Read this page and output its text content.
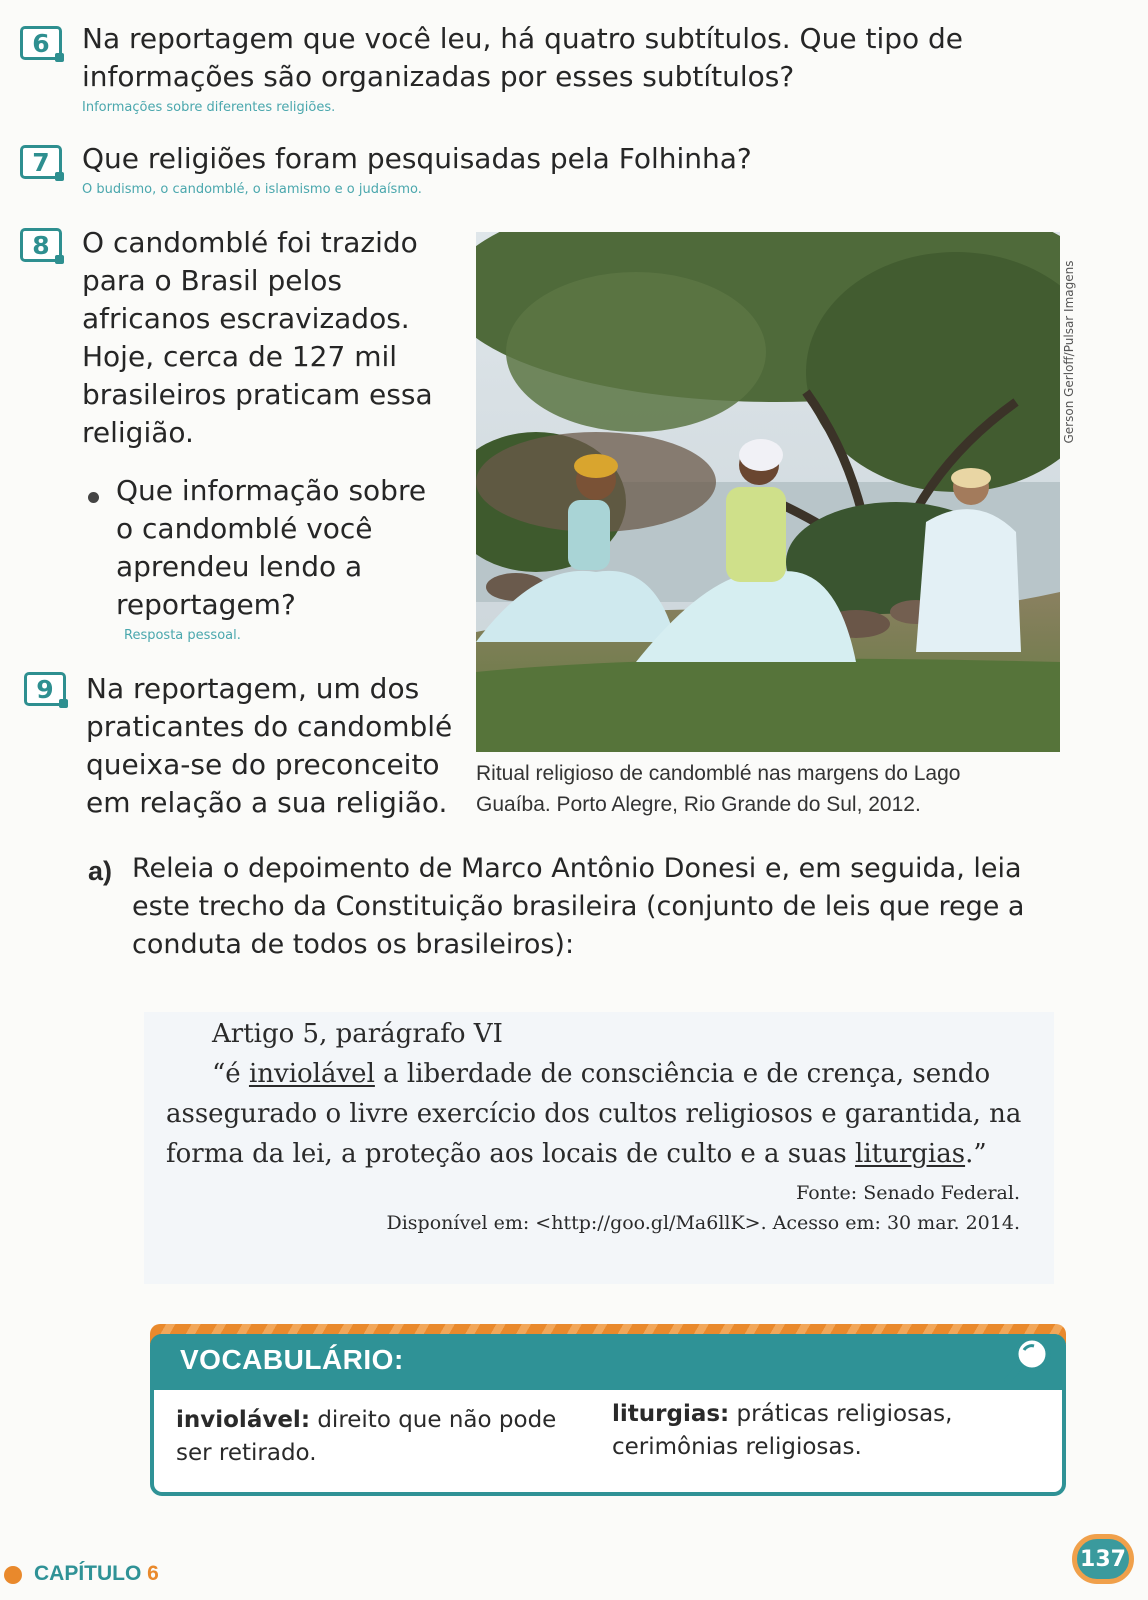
6	Na reportagem que você leu, há quatro subtítulos. Que tipo de
informações são organizadas por esses subtítulos?
Informações sobre diferentes religiões.
7	Que religiões foram pesquisadas pela Folhinha?
O budismo, o candomblé, o islamismo e o judaísmo.
8	O candomblé foi trazido
para o Brasil pelos
africanos escravizados.
Hoje, cerca de 127 mil
brasileiros praticam essa
religião.
Que informação sobre
o candomblé você
aprendeu lendo a
reportagem?
Resposta pessoal.
9	Na reportagem, um dos
praticantes do candomblé
queixa-se do preconceito
em relação a sua religião.
Gerson Gerloff/Pulsar Imagens
Ritual religioso de candomblé nas margens do Lago
Guaíba. Porto Alegre, Rio Grande do Sul, 2012.
a) Releia o depoimento de Marco Antônio Donesi e, em seguida, leia
este trecho da Constituição brasileira (conjunto de leis que rege a
conduta de todos os brasileiros):
Artigo 5, parágrafo VI
“é inviolável a liberdade de consciência e de crença, sendo
assegurado o livre exercício dos cultos religiosos e garantida, na
forma da lei, a proteção aos locais de culto e a suas liturgias.”
Fonte: Senado Federal.
Disponível em: <http://goo.gl/Ma6llK>. Acesso em: 30 mar. 2014.
VOCABULÁRIO:
inviolável: direito que não pode
ser retirado.
liturgias: práticas religiosas,
cerimônias religiosas.
CAPÍTULO 6
137
